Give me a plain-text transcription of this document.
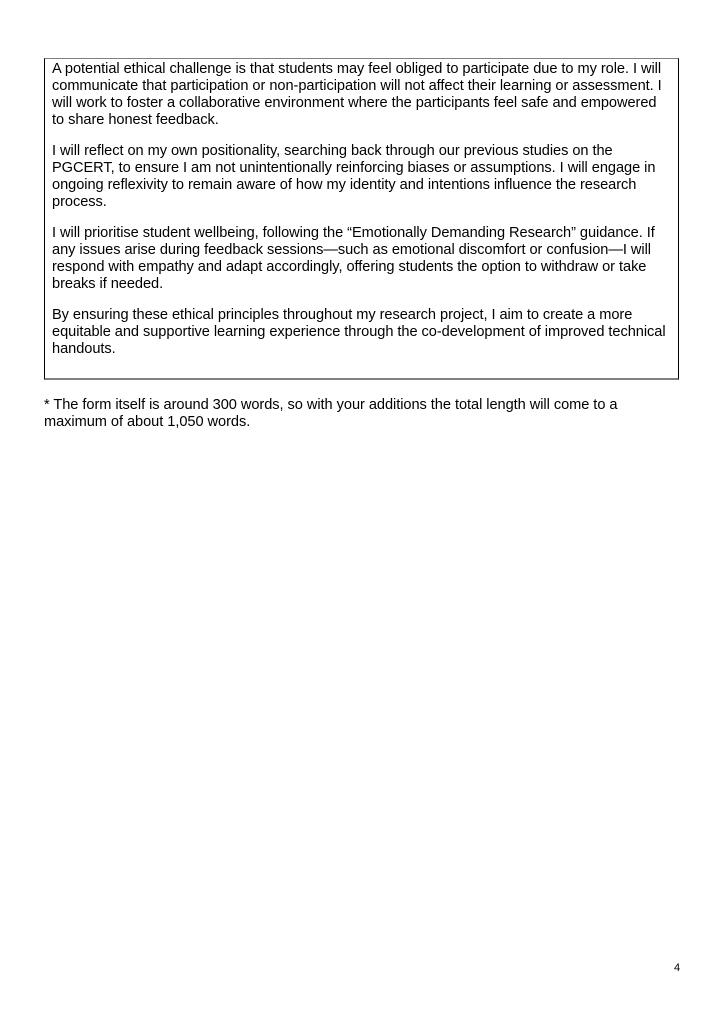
A potential ethical challenge is that students may feel obliged to participate due to my role. I will communicate that participation or non-participation will not affect their learning or assessment. I will work to foster a collaborative environment where the participants feel safe and empowered to share honest feedback.

I will reflect on my own positionality, searching back through our previous studies on the PGCERT, to ensure I am not unintentionally reinforcing biases or assumptions. I will engage in ongoing reflexivity to remain aware of how my identity and intentions influence the research process.

I will prioritise student wellbeing, following the “Emotionally Demanding Research” guidance. If any issues arise during feedback sessions—such as emotional discomfort or confusion—I will respond with empathy and adapt accordingly, offering students the option to withdraw or take breaks if needed.

By ensuring these ethical principles throughout my research project, I aim to create a more equitable and supportive learning experience through the co-development of improved technical handouts.

* The form itself is around 300 words, so with your additions the total length will come to a maximum of about 1,050 words.

4
